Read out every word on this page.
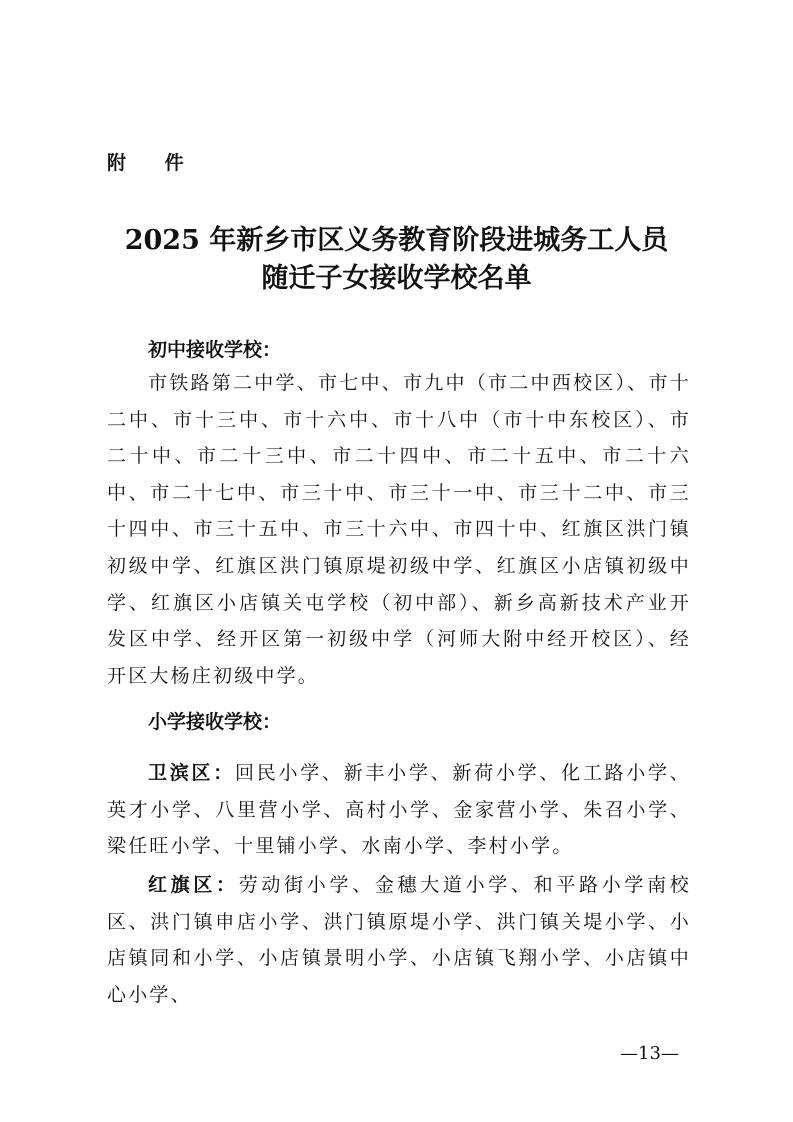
附 件

2025 年新乡市区义务教育阶段进城务工人员
随迁子女接收学校名单
初中接收学校：

市铁路第二中学、市七中、市九中（市二中西校区）、市十二中、市十三中、市十六中、市十八中（市十中东校区）、市二十中、市二十三中、市二十四中、市二十五中、市二十六中、市二十七中、市三十中、市三十一中、市三十二中、市三十四中、市三十五中、市三十六中、市四十中、红旗区洪门镇初级中学、红旗区洪门镇原堤初级中学、红旗区小店镇初级中学、红旗区小店镇关屯学校（初中部）、新乡高新技术产业开发区中学、经开区第一初级中学（河师大附中经开校区）、经开区大杨庄初级中学。

小学接收学校：

卫滨区：回民小学、新丰小学、新荷小学、化工路小学、英才小学、八里营小学、高村小学、金家营小学、朱召小学、梁任旺小学、十里铺小学、水南小学、李村小学。

红旗区：劳动街小学、金穗大道小学、和平路小学南校区、洪门镇申店小学、洪门镇原堤小学、洪门镇关堤小学、小店镇同和小学、小店镇景明小学、小店镇飞翔小学、小店镇中心小学、

—13—
